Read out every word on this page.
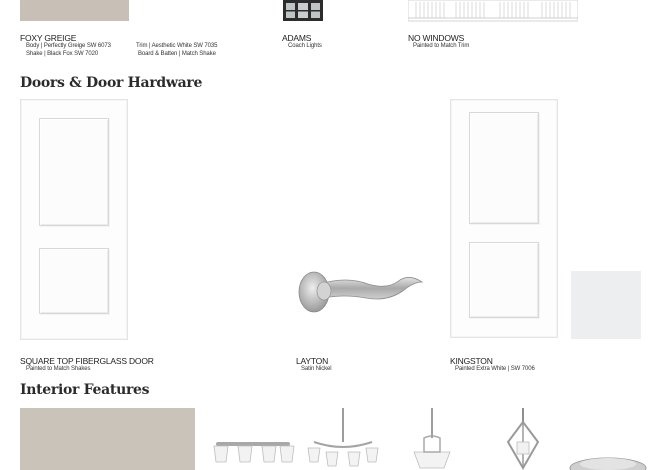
FOXY GREIGE
Body | Perfectly Greige SW 6073	Trim | Aesthetic White SW 7035
Shake | Black Fox SW 7020	Board & Batten | Match Shake
ADAMS
Coach Lights
NO WINDOWS
Painted to Match Trim
Doors & Door Hardware
SQUARE TOP FIBERGLASS DOOR
Painted to Match Shakes
LAYTON
Satin Nickel
KINGSTON
Painted Extra White | SW 7006
Interior Features
